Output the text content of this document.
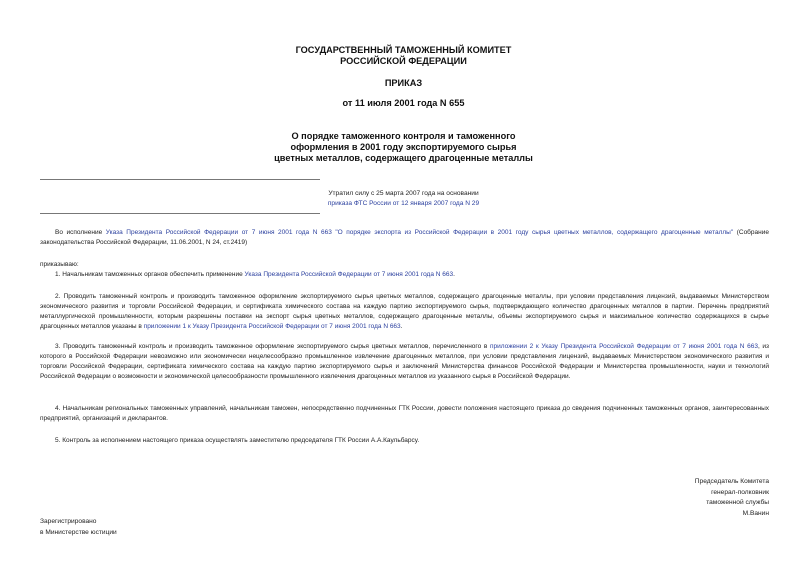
ГОСУДАРСТВЕННЫЙ ТАМОЖЕННЫЙ КОМИТЕТ
РОССИЙСКОЙ ФЕДЕРАЦИИ
ПРИКАЗ
от 11 июля 2001 года N 655
О порядке таможенного контроля и таможенного
оформления в 2001 году экспортируемого сырья
цветных металлов, содержащего драгоценные металлы
Утратил силу с 25 марта 2007 года на основании
приказа ФТС России от 12 января 2007 года N 29
Во исполнение Указа Президента Российской Федерации от 7 июня 2001 года N 663 "О порядке экспорта из Российской Федерации в 2001 году сырья цветных металлов, содержащего драгоценные металлы" (Собрание законодательства Российской Федерации, 11.06.2001, N 24, ст.2419)
приказываю:
1. Начальникам таможенных органов обеспечить применение Указа Президента Российской Федерации от 7 июня 2001 года N 663.
2. Проводить таможенный контроль и производить таможенное оформление экспортируемого сырья цветных металлов, содержащего драгоценные металлы, при условии представления лицензий, выдаваемых Министерством экономического развития и торговли Российской Федерации, и сертификата химического состава на каждую партию экспортируемого сырья, подтверждающего количество драгоценных металлов в партии. Перечень предприятий металлургической промышленности, которым разрешены поставки на экспорт сырья цветных металлов, содержащего драгоценные металлы, объемы экспортируемого сырья и максимальное количество содержащихся в сырье драгоценных металлов указаны в приложении 1 к Указу Президента Российской Федерации от 7 июня 2001 года N 663.
3. Проводить таможенный контроль и производить таможенное оформление экспортируемого сырья цветных металлов, перечисленного в приложении 2 к Указу Президента Российской Федерации от 7 июня 2001 года N 663, из которого в Российской Федерации невозможно или экономически нецелесообразно промышленное извлечение драгоценных металлов, при условии представления лицензий, выдаваемых Министерством экономического развития и торговли Российской Федерации, сертификата химического состава на каждую партию экспортируемого сырья и заключений Министерства финансов Российской Федерации и Министерства промышленности, науки и технологий Российской Федерации о возможности и экономической целесообразности промышленного извлечения драгоценных металлов из указанного сырья в Российской Федерации.
4. Начальникам региональных таможенных управлений, начальникам таможен, непосредственно подчиненных ГТК России, довести положения настоящего приказа до сведения подчиненных таможенных органов, заинтересованных предприятий, организаций и декларантов.
5. Контроль за исполнением настоящего приказа осуществлять заместителю председателя ГТК России А.А.Каульбарсу.
Председатель Комитета
генерал-полковник
таможенной службы
М.Ванин
Зарегистрировано
в Министерстве юстиции
